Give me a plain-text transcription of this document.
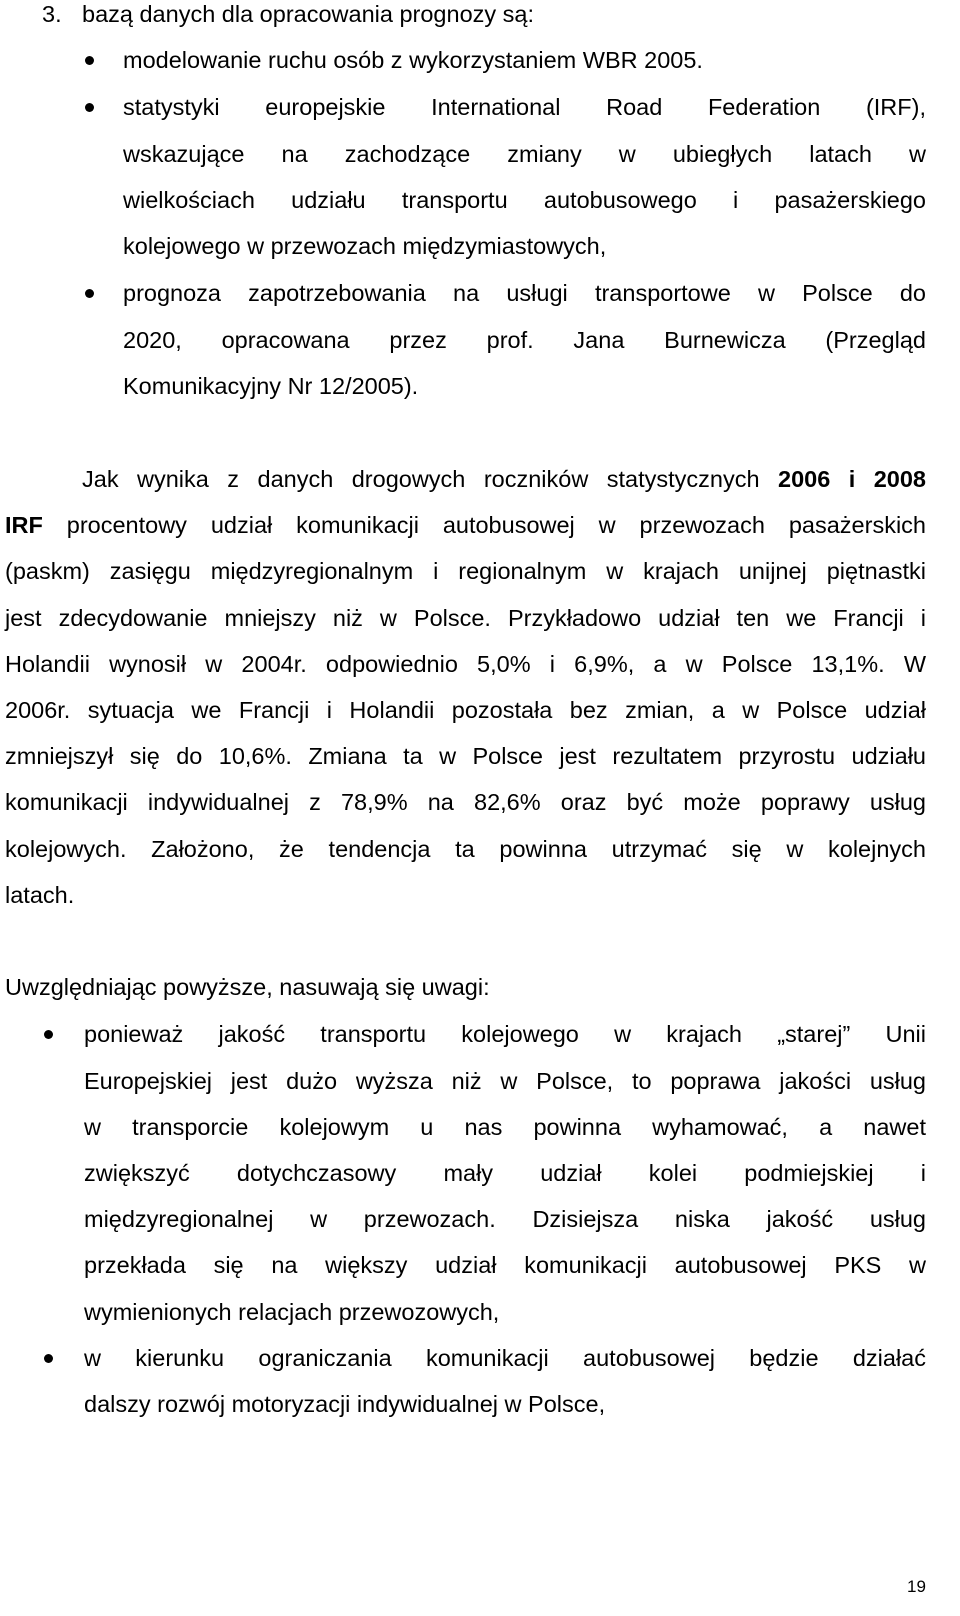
3. bazą danych dla opracowania prognozy są:
modelowanie ruchu osób z wykorzystaniem WBR 2005.
statystyki europejskie International Road Federation (IRF),
wskazujące na zachodzące zmiany w ubiegłych latach w
wielkościach udziału transportu autobusowego i pasażerskiego
kolejowego w przewozach międzymiastowych,
prognoza zapotrzebowania na usługi transportowe w Polsce do
2020, opracowana przez prof. Jana Burnewicza (Przegląd
Komunikacyjny Nr 12/2005).
Jak wynika z danych drogowych roczników statystycznych 2006 i 2008
IRF procentowy udział komunikacji autobusowej w przewozach pasażerskich
(paskm) zasięgu międzyregionalnym i regionalnym w krajach unijnej piętnastki
jest zdecydowanie mniejszy niż w Polsce. Przykładowo udział ten we Francji i
Holandii wynosił w 2004r. odpowiednio 5,0% i 6,9%, a w Polsce 13,1%. W
2006r. sytuacja we Francji i Holandii pozostała bez zmian, a w Polsce udział
zmniejszył się do 10,6%. Zmiana ta w Polsce jest rezultatem przyrostu udziału
komunikacji indywidualnej z 78,9% na 82,6% oraz być może poprawy usług
kolejowych. Założono, że tendencja ta powinna utrzymać się w kolejnych
latach.
Uwzględniając powyższe, nasuwają się uwagi:
ponieważ jakość transportu kolejowego w krajach „starej” Unii
Europejskiej jest dużo wyższa niż w Polsce, to poprawa jakości usług
w transporcie kolejowym u nas powinna wyhamować, a nawet
zwiększyć dotychczasowy mały udział kolei podmiejskiej i
międzyregionalnej w przewozach. Dzisiejsza niska jakość usług
przekłada się na większy udział komunikacji autobusowej PKS w
wymienionych relacjach przewozowych,
w kierunku ograniczania komunikacji autobusowej będzie działać
dalszy rozwój motoryzacji indywidualnej w Polsce,
19
